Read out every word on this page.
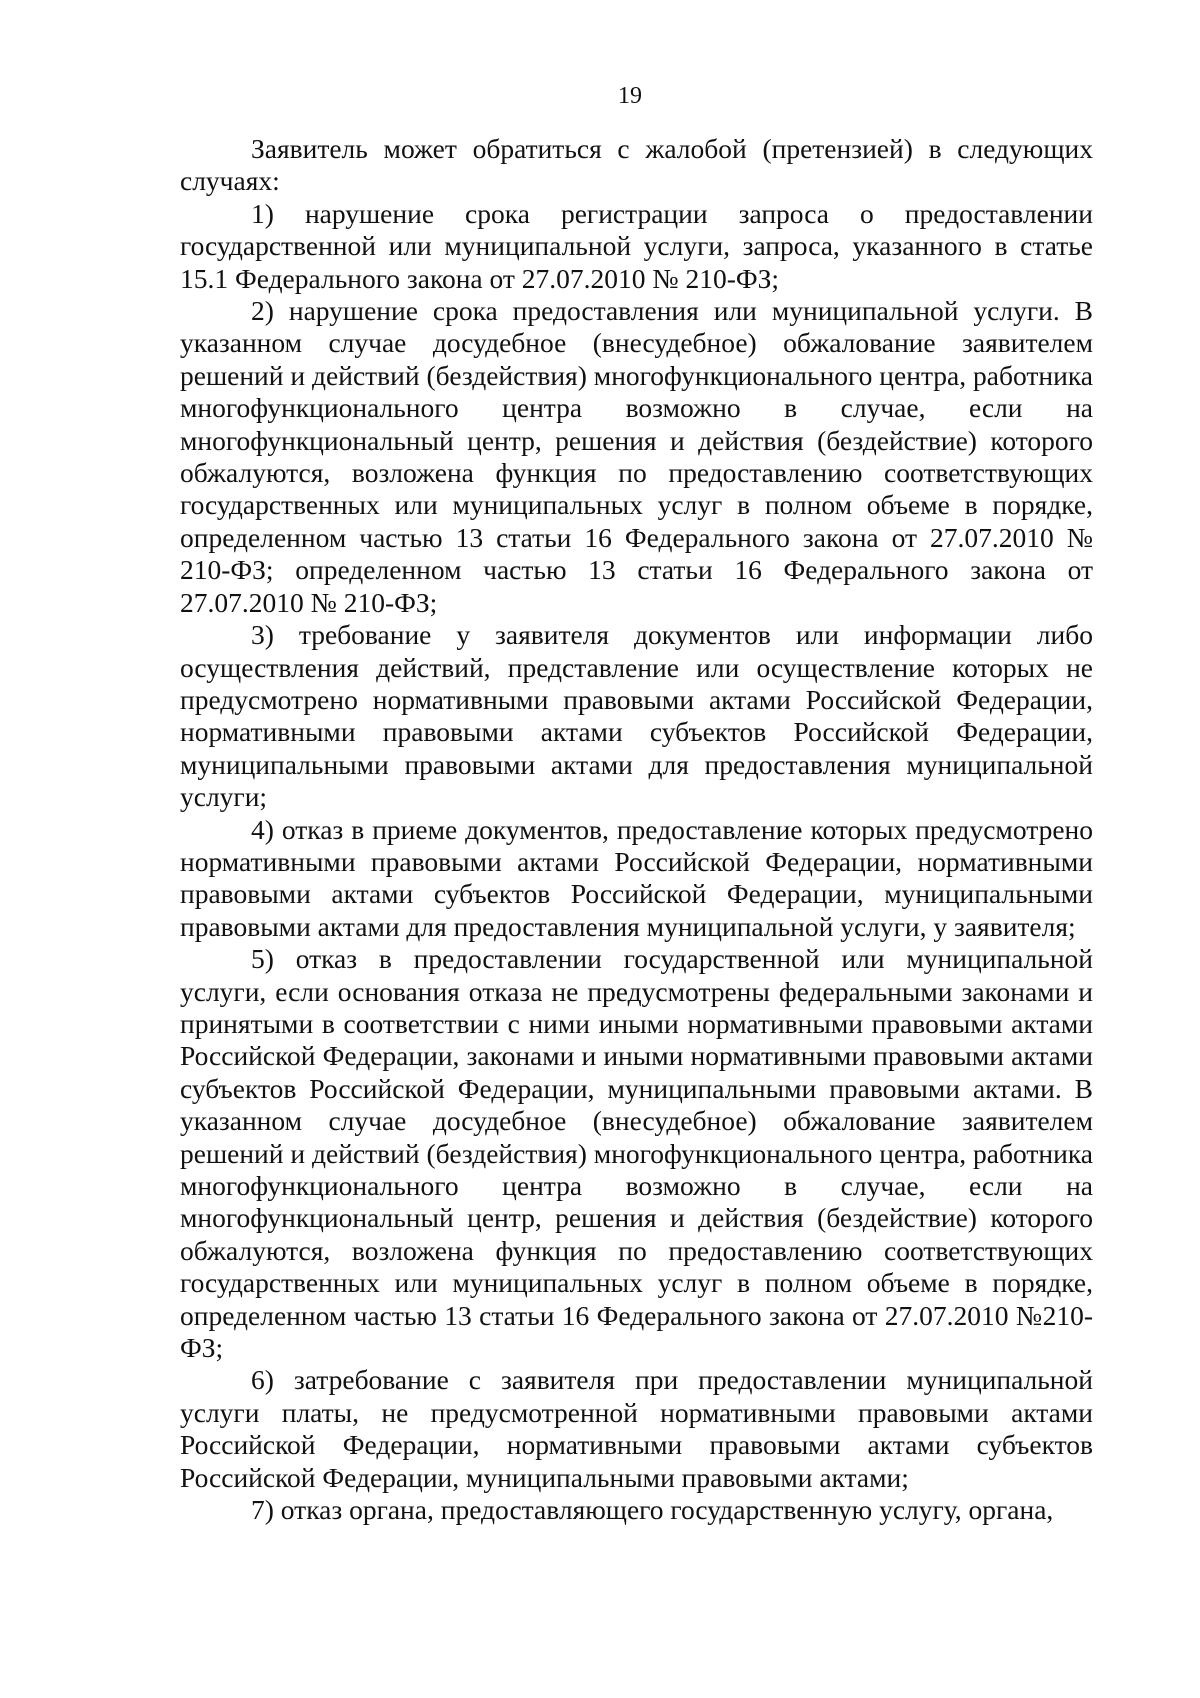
19

Заявитель может обратиться с жалобой (претензией) в следующих случаях:

1) нарушение срока регистрации запроса о предоставлении государственной или муниципальной услуги, запроса, указанного в статье 15.1 Федерального закона от 27.07.2010 № 210-ФЗ;

2) нарушение срока предоставления или муниципальной услуги. В указанном случае досудебное (внесудебное) обжалование заявителем решений и действий (бездействия) многофункционального центра, работника многофункционального центра возможно в случае, если на многофункциональный центр, решения и действия (бездействие) которого обжалуются, возложена функция по предоставлению соответствующих государственных или муниципальных услуг в полном объеме в порядке, определенном частью 13 статьи 16 Федерального закона от 27.07.2010 № 210-ФЗ; определенном частью 13 статьи 16 Федерального закона от 27.07.2010 № 210-ФЗ;

3) требование у заявителя документов или информации либо осуществления действий, представление или осуществление которых не предусмотрено нормативными правовыми актами Российской Федерации, нормативными правовыми актами субъектов Российской Федерации, муниципальными правовыми актами для предоставления муниципальной услуги;

4) отказ в приеме документов, предоставление которых предусмотрено нормативными правовыми актами Российской Федерации, нормативными правовыми актами субъектов Российской Федерации, муниципальными правовыми актами для предоставления муниципальной услуги, у заявителя;

5) отказ в предоставлении государственной или муниципальной услуги, если основания отказа не предусмотрены федеральными законами и принятыми в соответствии с ними иными нормативными правовыми актами Российской Федерации, законами и иными нормативными правовыми актами субъектов Российской Федерации, муниципальными правовыми актами. В указанном случае досудебное (внесудебное) обжалование заявителем решений и действий (бездействия) многофункционального центра, работника многофункционального центра возможно в случае, если на многофункциональный центр, решения и действия (бездействие) которого обжалуются, возложена функция по предоставлению соответствующих государственных или муниципальных услуг в полном объеме в порядке, определенном частью 13 статьи 16 Федерального закона от 27.07.2010 №210-ФЗ;

6) затребование с заявителя при предоставлении муниципальной услуги платы, не предусмотренной нормативными правовыми актами Российской Федерации, нормативными правовыми актами субъектов Российской Федерации, муниципальными правовыми актами;

7) отказ органа, предоставляющего государственную услугу, органа,
